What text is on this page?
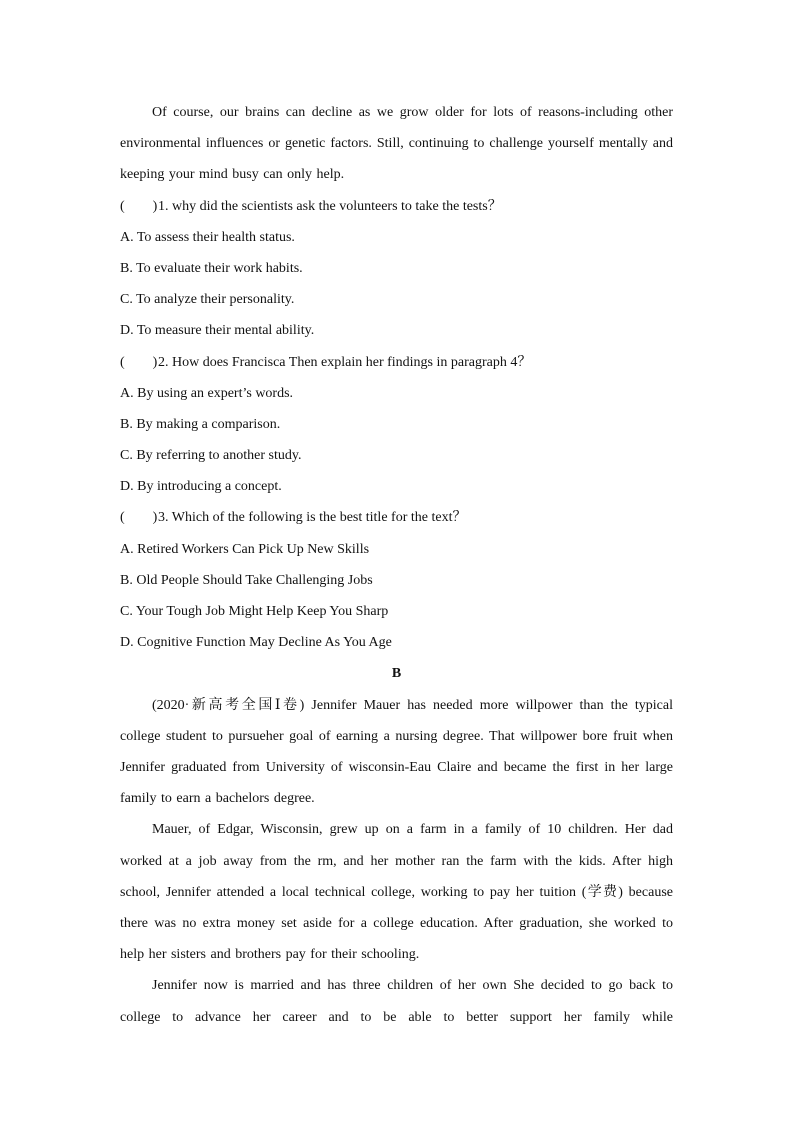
Of course, our brains can decline as we grow older for lots of reasons-including other environmental influences or genetic factors. Still, continuing to challenge yourself mentally and keeping your mind busy can only help.
( )1. why did the scientists ask the volunteers to take the tests？
A. To assess their health status.
B. To evaluate their work habits.
C. To analyze their personality.
D. To measure their mental ability.
( )2. How does Francisca Then explain her findings in paragraph 4？
A. By using an expert’s words.
B. By making a comparison.
C. By referring to another study.
D. By introducing a concept.
( )3. Which of the following is the best title for the text？
A. Retired Workers Can Pick Up New Skills
B. Old People Should Take Challenging Jobs
C. Your Tough Job Might Help Keep You Sharp
D. Cognitive Function May Decline As You Age
B
(2020·新高考全国Ⅰ卷) Jennifer Mauer has needed more willpower than the typical college student to pursueher goal of earning a nursing degree. That willpower bore fruit when Jennifer graduated from University of wisconsin-Eau Claire and became the first in her large family to earn a bachelors degree.
Mauer, of Edgar, Wisconsin, grew up on a farm in a family of 10 children. Her dad worked at a job away from the rm, and her mother ran the farm with the kids. After high school, Jennifer attended a local technical college, working to pay her tuition (学费) because there was no extra money set aside for a college education. After graduation, she worked to help her sisters and brothers pay for their schooling.
Jennifer now is married and has three children of her own She decided to go back to college to advance her career and to be able to better support her family while
